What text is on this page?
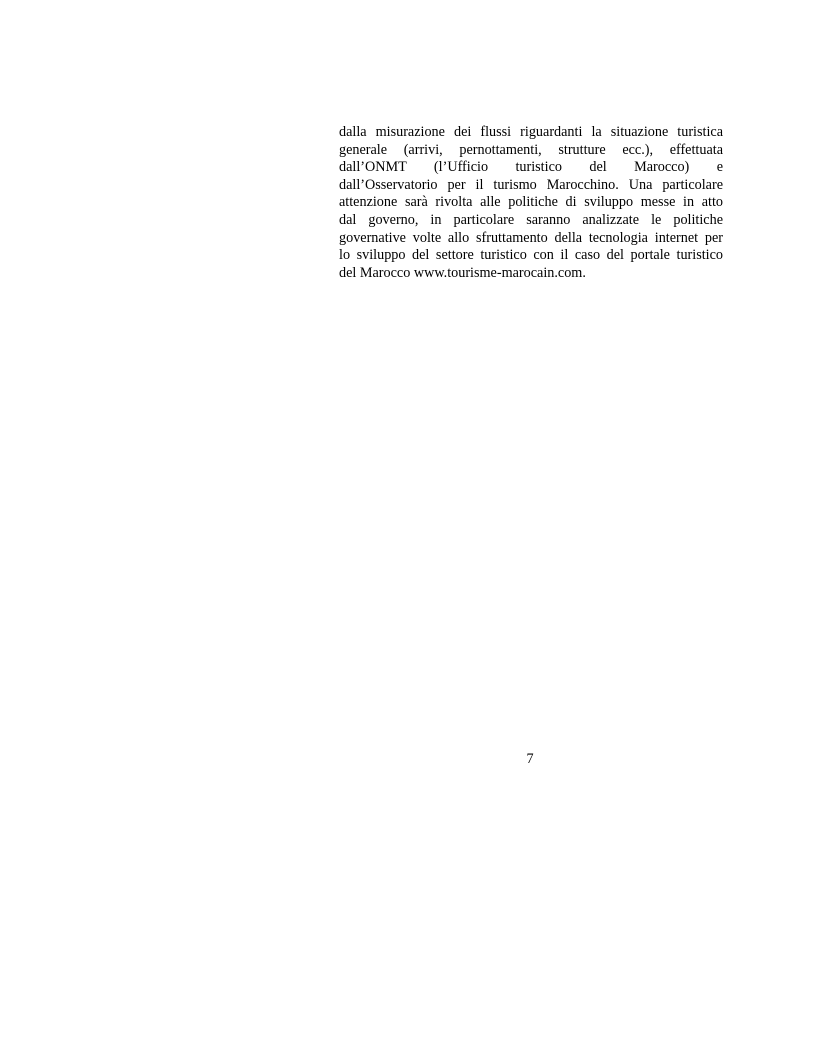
dalla misurazione dei flussi riguardanti la situazione turistica
generale (arrivi, pernottamenti, strutture ecc.), effettuata
dall’ONMT (l’Ufficio turistico del Marocco) e
dall’Osservatorio per il turismo Marocchino. Una particolare
attenzione sarà rivolta alle politiche di sviluppo messe in atto
dal governo, in particolare saranno analizzate le politiche
governative volte allo sfruttamento della tecnologia internet per
lo sviluppo del settore turistico con il caso del portale turistico
del Marocco www.tourisme-marocain.com.
7
